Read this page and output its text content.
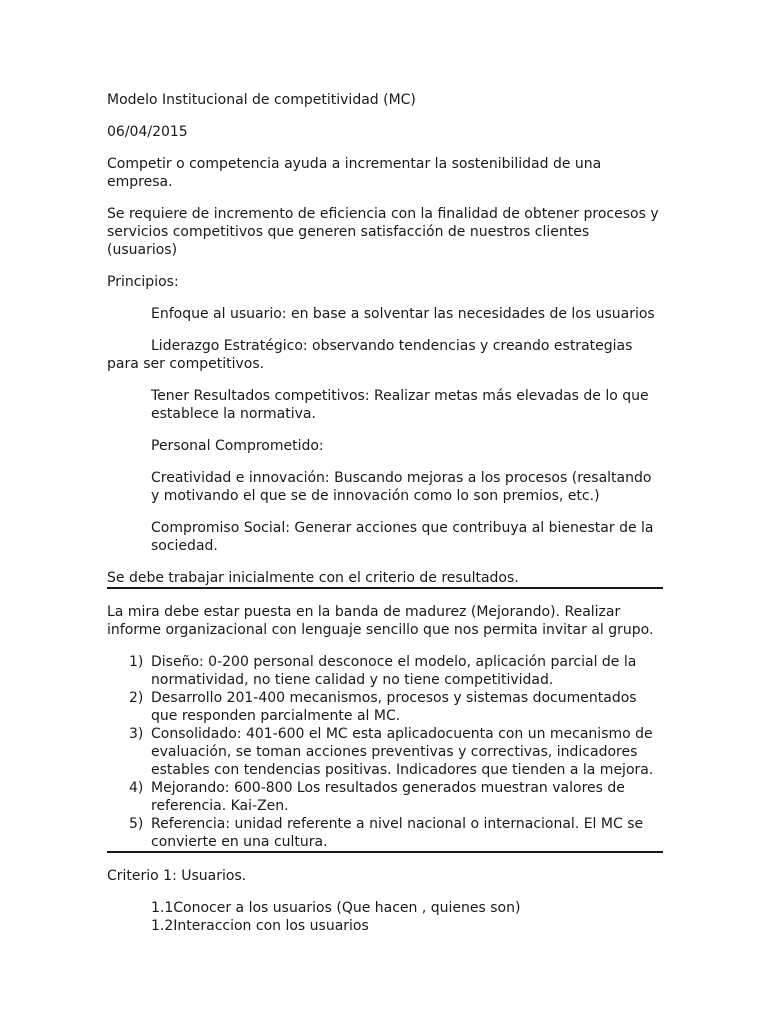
Modelo Institucional de competitividad (MC)

06/04/2015

Competir o competencia ayuda a incrementar la sostenibilidad de una empresa.

Se requiere de incremento de eficiencia con la finalidad de obtener procesos y servicios competitivos que generen satisfacción de nuestros clientes (usuarios)

Principios:

Enfoque al usuario: en base a solventar las necesidades de los usuarios

Liderazgo Estratégico: observando tendencias y creando estrategias

para ser competitivos.

Tener Resultados competitivos: Realizar metas más elevadas de lo que establece la normativa.

Personal Comprometido:

Creatividad e innovación: Buscando mejoras a los procesos (resaltando y motivando el que se de innovación como lo son premios, etc.)

Compromiso Social: Generar acciones que contribuya al bienestar de la sociedad.

Se debe trabajar inicialmente con el criterio de resultados.

La mira debe estar puesta en la banda de madurez (Mejorando). Realizar informe organizacional con lenguaje sencillo que nos permita invitar al grupo.

1) Diseño: 0-200 personal desconoce el modelo, aplicación parcial de la normatividad, no tiene calidad y no tiene competitividad.
2) Desarrollo 201-400 mecanismos, procesos y sistemas documentados que responden parcialmente al MC.
3) Consolidado: 401-600 el MC esta aplicadocuenta con un mecanismo de evaluación, se toman acciones preventivas y correctivas, indicadores estables con tendencias positivas. Indicadores que tienden a la mejora.
4) Mejorando: 600-800 Los resultados generados muestran valores de referencia. Kai-Zen.
5) Referencia: unidad referente a nivel nacional o internacional. El MC se convierte en una cultura.

Criterio 1: Usuarios.

1.1Conocer a los usuarios (Que hacen , quienes son)

1.2Interaccion con los usuarios
